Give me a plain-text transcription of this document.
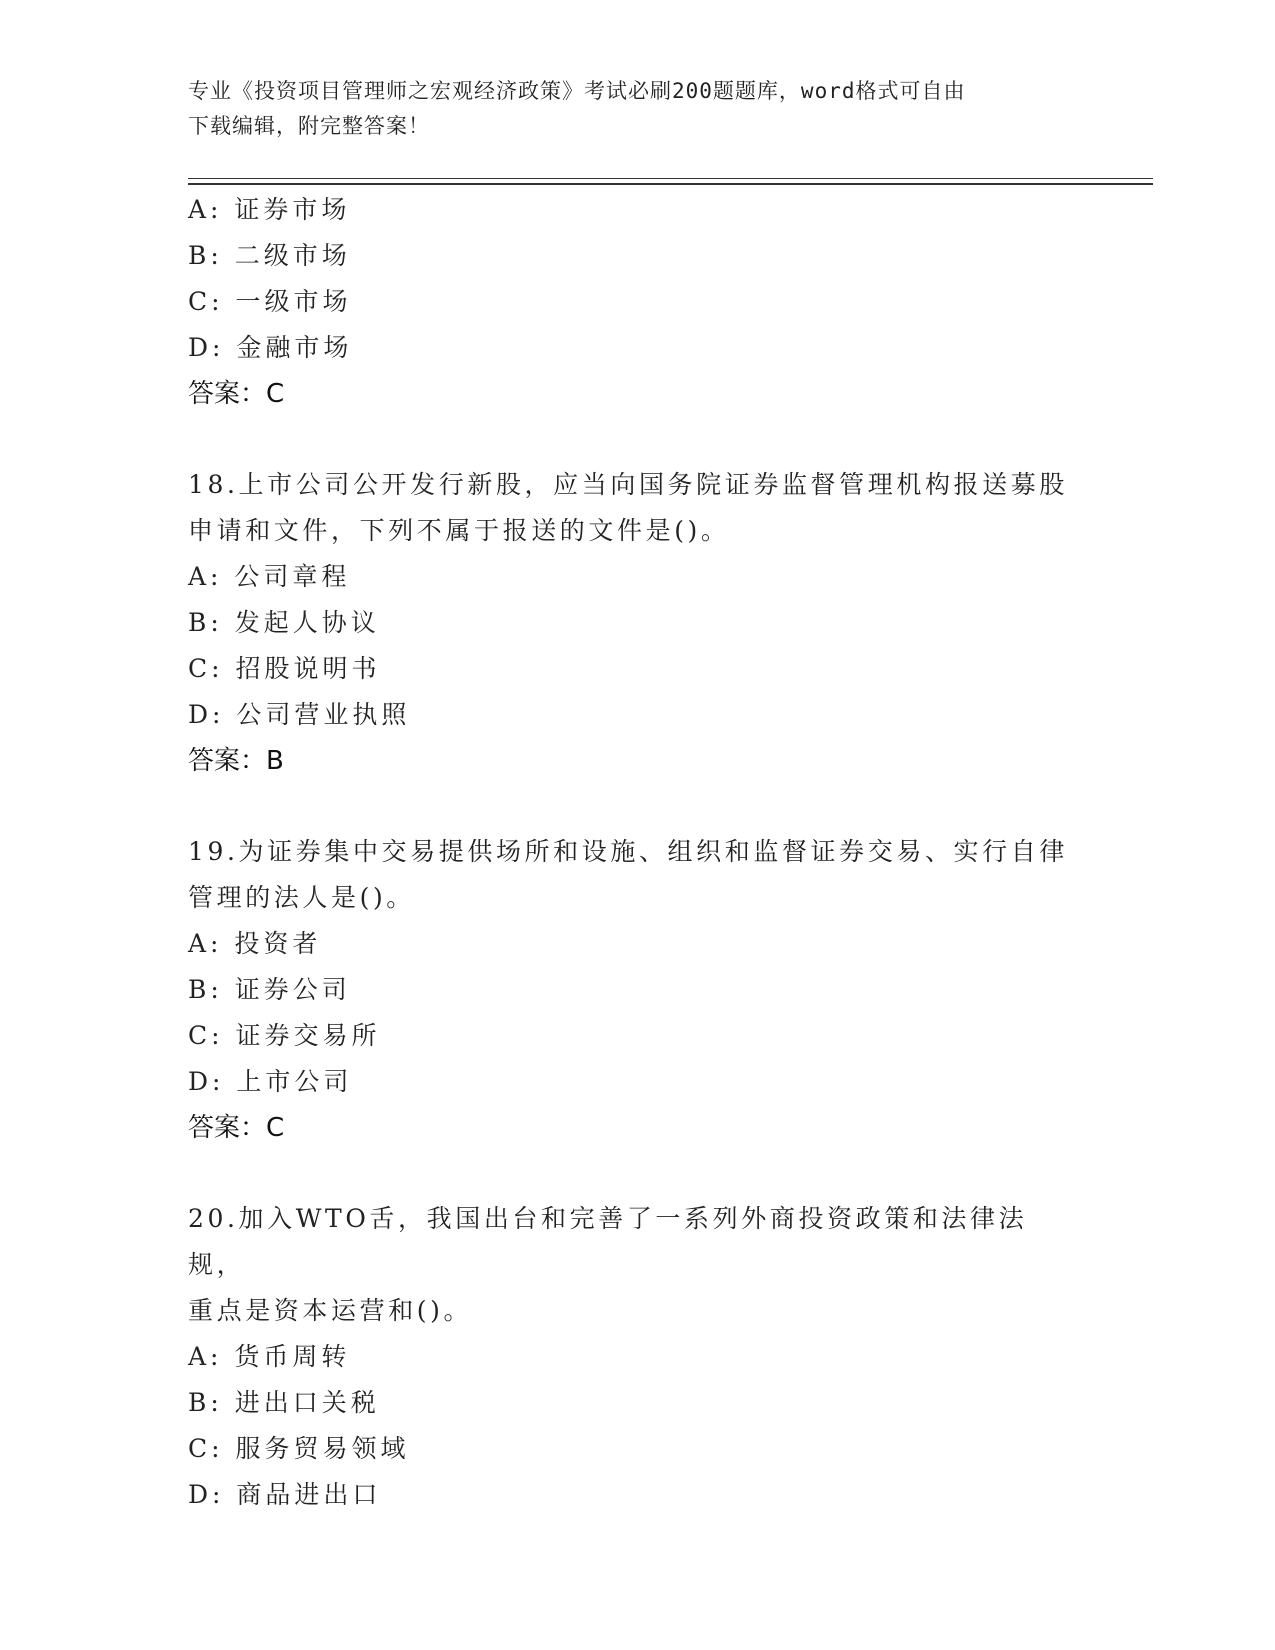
专业《投资项目管理师之宏观经济政策》考试必刷200题题库，word格式可自由
下载编辑，附完整答案！
A: 证券市场
B: 二级市场
C: 一级市场
D: 金融市场
答案：C
18.上市公司公开发行新股，应当向国务院证券监督管理机构报送募股
申请和文件，下列不属于报送的文件是()。
A: 公司章程
B: 发起人协议
C: 招股说明书
D: 公司营业执照
答案：B
19.为证券集中交易提供场所和设施、组织和监督证券交易、实行自律
管理的法人是()。
A: 投资者
B: 证券公司
C: 证券交易所
D: 上市公司
答案：C
20.加入WTO舌，我国出台和完善了一系列外商投资政策和法律法规，
重点是资本运营和()。
A: 货币周转
B: 进出口关税
C: 服务贸易领域
D: 商品进出口
